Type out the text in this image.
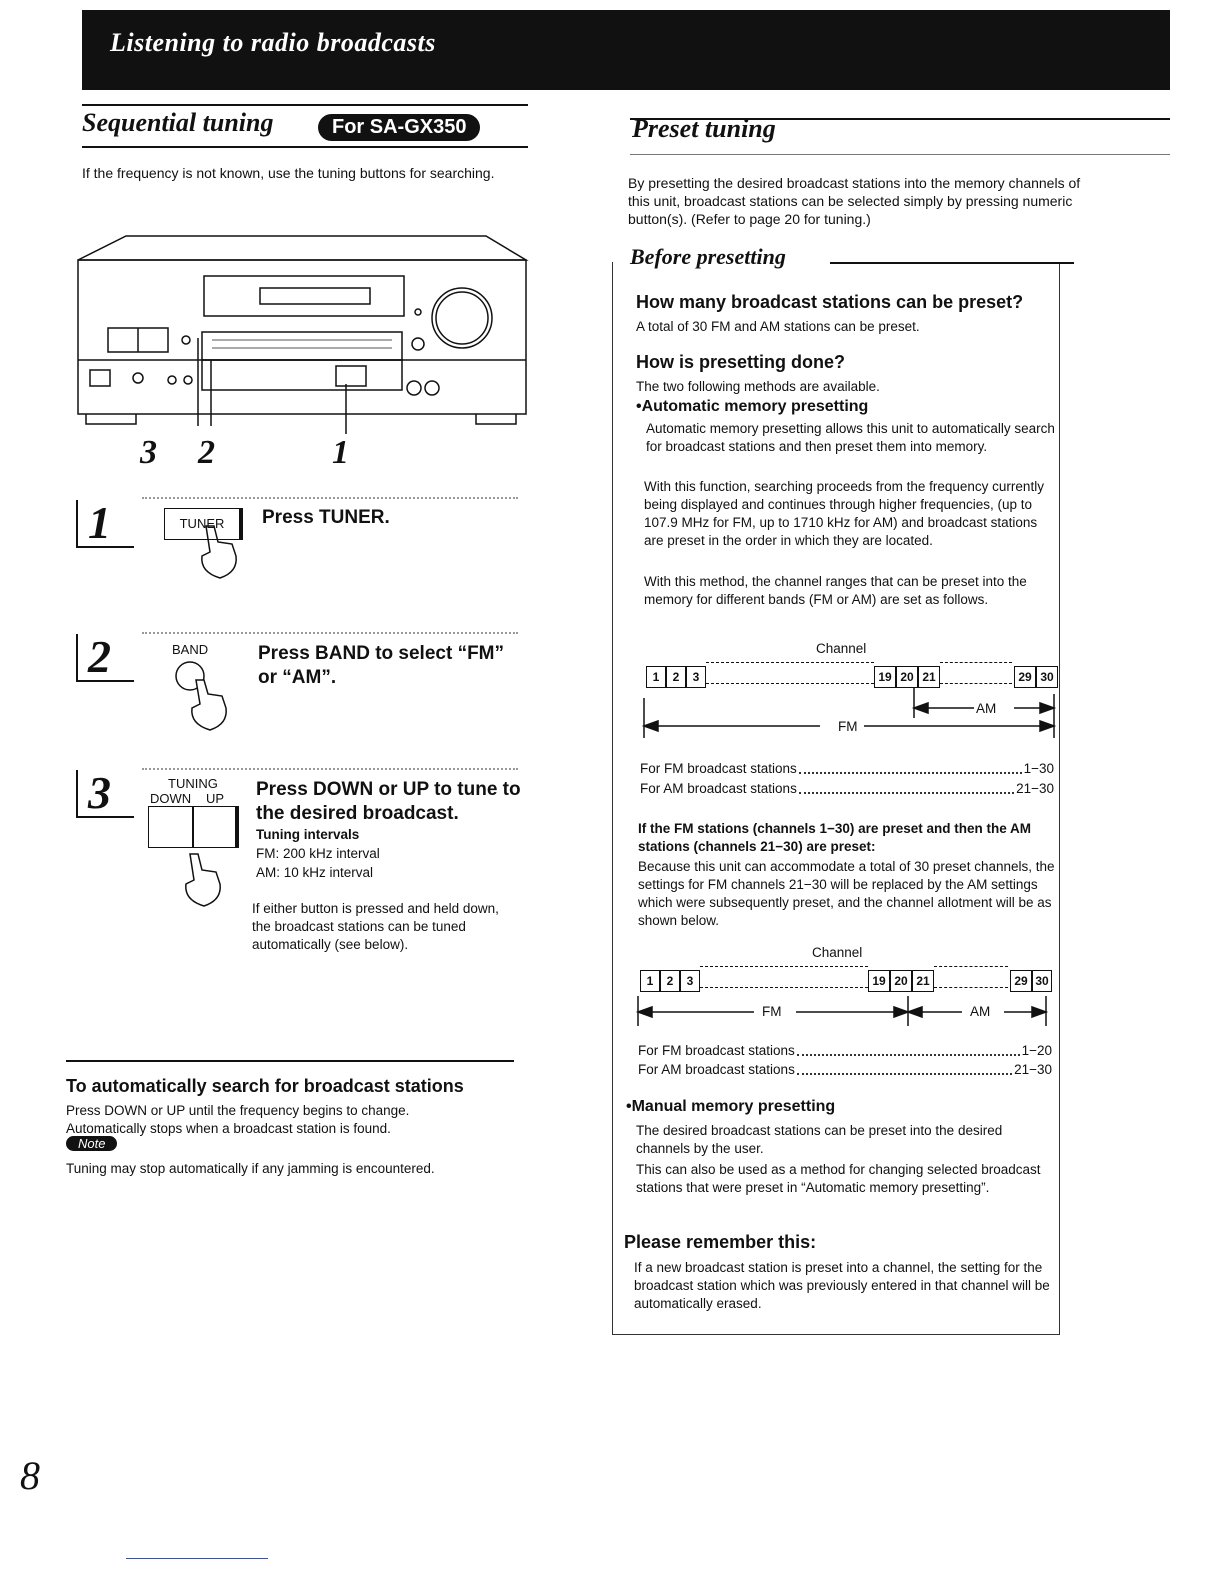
Listening to radio broadcasts
Sequential tuning	For SA-GX350
If the frequency is not known, use the tuning buttons for searching.
3 2	1
1	TUNER	Press TUNER.
2	BAND	Press BAND to select “FM” or “AM”.
3	TUNING
DOWN UP Press DOWN or UP to tune to the desired broadcast.
Tuning intervals
FM: 200 kHz interval
AM: 10 kHz interval
If either button is pressed and held down, the broadcast stations can be tuned automatically (see below).
To automatically search for broadcast stations
Press DOWN or UP until the frequency begins to change.
Automatically stops when a broadcast station is found.
Note
Tuning may stop automatically if any jamming is encountered.
Preset tuning
By presetting the desired broadcast stations into the memory channels of this unit, broadcast stations can be selected simply by pressing numeric button(s). (Refer to page 20 for tuning.)
Before presetting
How many broadcast stations can be preset?
A total of 30 FM and AM stations can be preset.
How is presetting done?
The two following methods are available.
•Automatic memory presetting
Automatic memory presetting allows this unit to automatically search for broadcast stations and then preset them into memory.
With this function, searching proceeds from the frequency currently being displayed and continues through higher frequencies, (up to 107.9 MHz for FM, up to 1710 kHz for AM) and broadcast stations are preset in the order in which they are located.
With this method, the channel ranges that can be preset into the memory for different bands (FM or AM) are set as follows.
Channel
1	2	3	19 20 21	29 30
AM
FM
For FM broadcast stations	1−30
For AM broadcast stations	21−30
If the FM stations (channels 1−30) are preset and then the AM stations (channels 21−30) are preset:
Because this unit can accommodate a total of 30 preset channels, the settings for FM channels 21−30 will be replaced by the AM settings which were subsequently preset, and the channel allotment will be as shown below.
Channel
1	2	3	19 20 21	29 30
FM	AM
For FM broadcast stations	1−20
For AM broadcast stations	21−30
•Manual memory presetting
The desired broadcast stations can be preset into the desired channels by the user.
This can also be used as a method for changing selected broadcast stations that were preset in “Automatic memory presetting”.
Please remember this:
If a new broadcast station is preset into a channel, the setting for the broadcast station which was previously entered in that channel will be automatically erased.
8
